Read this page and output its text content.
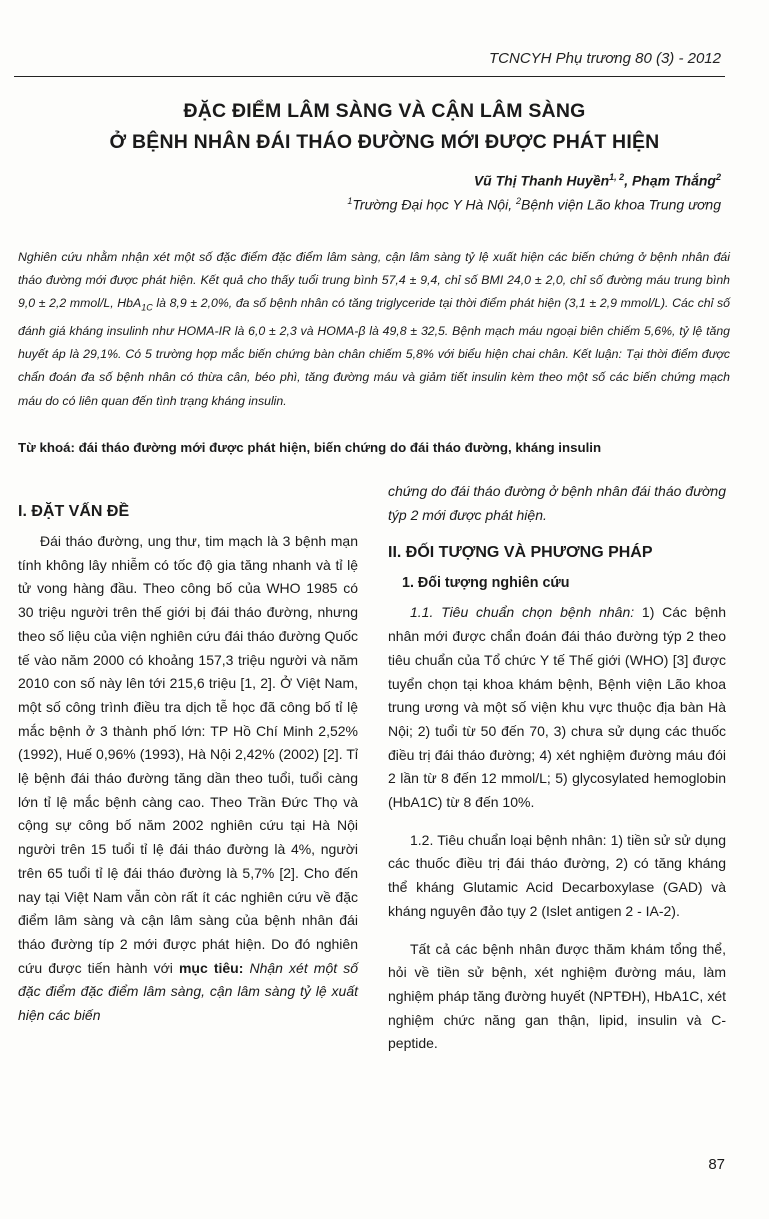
TCNCYH Phụ trương 80 (3) - 2012
ĐẶC ĐIỂM LÂM SÀNG VÀ CẬN LÂM SÀNG
Ở BỆNH NHÂN ĐÁI THÁO ĐƯỜNG MỚI ĐƯỢC PHÁT HIỆN
Vũ Thị Thanh Huyền$^{1, 2}$, Phạm Thắng$^2$
$^1$Trường Đại học Y Hà Nội, $^2$Bệnh viện Lão khoa Trung ương

Nghiên cứu nhằm nhận xét một số đặc điểm đặc điểm lâm sàng, cận lâm sàng tỷ lệ xuất hiện các biến chứng ở bệnh nhân đái tháo đường mới được phát hiện. Kết quả cho thấy tuổi trung bình 57,4 ± 9,4, chỉ số BMI 24,0 ± 2,0, chỉ số đường máu trung bình 9,0 ± 2,2 mmol/L, HbA$_{1C}$ là 8,9 ± 2,0%, đa số bệnh nhân có tăng triglyceride tại thời điểm phát hiện (3,1 ± 2,9 mmol/L). Các chỉ số đánh giá kháng insulinh như HOMA-IR là 6,0 ± 2,3 và HOMA-β là 49,8 ± 32,5. Bệnh mạch máu ngoại biên chiếm 5,6%, tỷ lệ tăng huyết áp là 29,1%. Có 5 trường hợp mắc biến chứng bàn chân chiếm 5,8% với biểu hiện chai chân. Kết luận: Tại thời điểm được chẩn đoán đa số bệnh nhân có thừa cân, béo phì, tăng đường máu và giảm tiết insulin kèm theo một số các biến chứng mạch máu do có liên quan đến tình trạng kháng insulin.

Từ khoá: đái tháo đường mới được phát hiện, biến chứng do đái tháo đường, kháng insulin
I. ĐẶT VẤN ĐỀ

Đái tháo đường, ung thư, tim mạch là 3 bệnh mạn tính không lây nhiễm có tốc độ gia tăng nhanh và tỉ lệ tử vong hàng đầu. Theo công bố của WHO 1985 có 30 triệu người trên thế giới bị đái tháo đường, nhưng theo số liệu của viện nghiên cứu đái tháo đường Quốc tế vào năm 2000 có khoảng 157,3 triệu người và năm 2010 con số này lên tới 215,6 triệu [1, 2]. Ở Việt Nam, một số công trình điều tra dịch tễ học đã công bố tỉ lệ mắc bệnh ở 3 thành phố lớn: TP Hồ Chí Minh 2,52% (1992), Huế 0,96% (1993), Hà Nội 2,42% (2002) [2]. Tỉ lệ bệnh đái tháo đường tăng dần theo tuổi, tuổi càng lớn tỉ lệ mắc bệnh càng cao. Theo Trần Đức Thọ và cộng sự công bố năm 2002 nghiên cứu tại Hà Nội người trên 15 tuổi tỉ lệ đái tháo đường là 4%, người trên 65 tuổi tỉ lệ đái tháo đường là 5,7% [2]. Cho đến nay tại Việt Nam vẫn còn rất ít các nghiên cứu về đặc điểm lâm sàng và cận lâm sàng của bệnh nhân đái tháo đường típ 2 mới được phát hiện. Do đó nghiên cứu được tiến hành với mục tiêu: Nhận xét một số đặc điểm đặc điểm lâm sàng, cận lâm sàng tỷ lệ xuất hiện các biến

chứng do đái tháo đường ở bệnh nhân đái tháo đường týp 2 mới được phát hiện.

II. ĐỐI TƯỢNG VÀ PHƯƠNG PHÁP
1. Đối tượng nghiên cứu

1.1. Tiêu chuẩn chọn bệnh nhân: 1) Các bệnh nhân mới được chẩn đoán đái tháo đường týp 2 theo tiêu chuẩn của Tổ chức Y tế Thế giới (WHO) [3] được tuyển chọn tại khoa khám bệnh, Bệnh viện Lão khoa trung ương và một số viện khu vực thuộc địa bàn Hà Nội; 2) tuổi từ 50 đến 70, 3) chưa sử dụng các thuốc điều trị đái tháo đường; 4) xét nghiệm đường máu đói 2 lần từ 8 đến 12 mmol/L; 5) glycosylated hemoglobin (HbA1C) từ 8 đến 10%.

1.2. Tiêu chuẩn loại bệnh nhân: 1) tiền sử sử dụng các thuốc điều trị đái tháo đường, 2) có tăng kháng thể kháng Glutamic Acid Decarboxylase (GAD) và kháng nguyên đảo tụy 2 (Islet antigen 2 - IA-2).

Tất cả các bệnh nhân được thăm khám tổng thể, hỏi về tiền sử bệnh, xét nghiệm đường máu, làm nghiệm pháp tăng đường huyết (NPTĐH), HbA1C, xét nghiệm chức năng gan thận, lipid, insulin và C-peptide.

87
